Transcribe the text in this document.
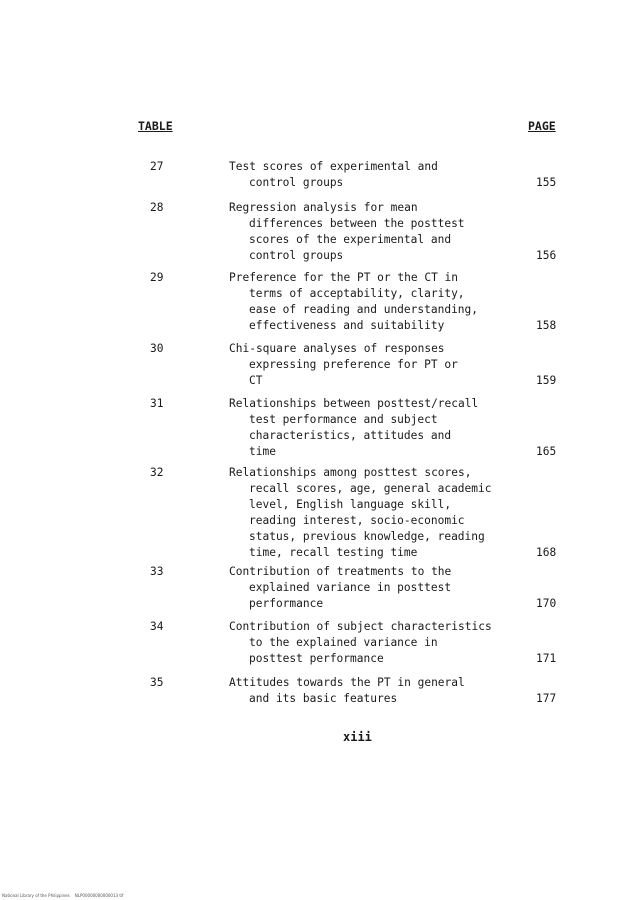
TABLE	PAGE
27	Test scores of experimental and
control groups	155
28	Regression analysis for mean
differences between the posttest
scores of the experimental and
control groups	156
29	Preference for the PT or the CT in
terms of acceptability, clarity,
ease of reading and understanding,
effectiveness and suitability	158
30	Chi-square analyses of responses
expressing preference for PT or
CT	159
31	Relationships between posttest/recall
test performance and subject
characteristics, attitudes and
time	165
32	Relationships among posttest scores,
recall scores, age, general academic
level, English language skill,
reading interest, socio-economic
status, previous knowledge, reading
time, recall testing time	168
33	Contribution of treatments to the
explained variance in posttest
performance	170
34	Contribution of subject characteristics
to the explained variance in
posttest performance	171
35	Attitudes towards the PT in general
and its basic features	177
xiii
National Library of the Philippines    NLP00000000000013 tif
